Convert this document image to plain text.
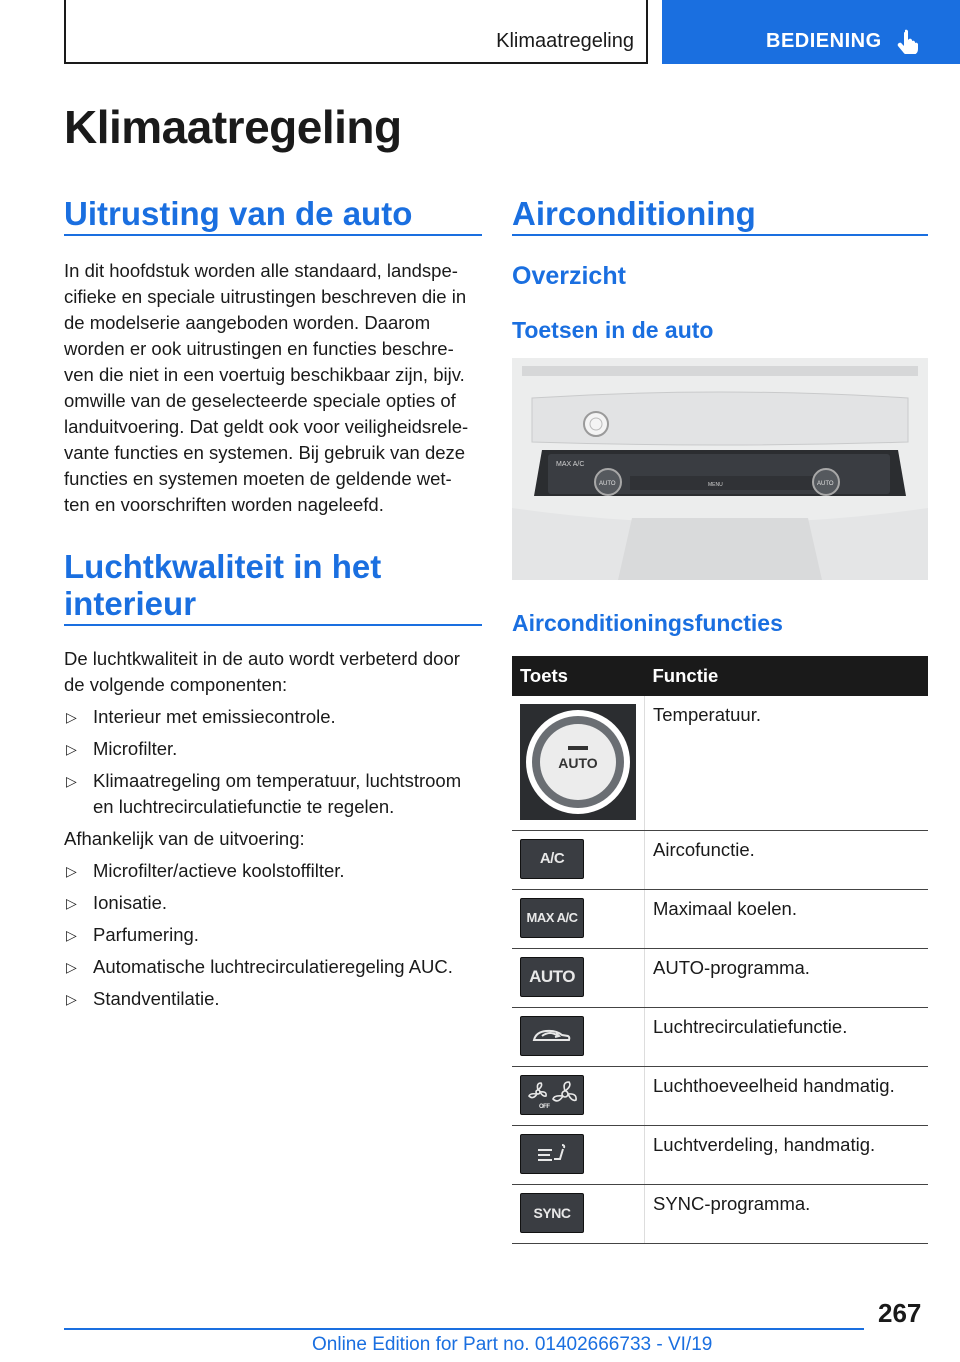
Klimaatregeling	BEDIENING
Klimaatregeling
Uitrusting van de auto
In dit hoofdstuk worden alle standaard, landspe-
cifieke en speciale uitrustingen beschreven die in
de modelserie aangeboden worden. Daarom
worden er ook uitrustingen en functies beschre-
ven die niet in een voertuig beschikbaar zijn, bijv.
omwille van de geselecteerde speciale opties of
landuitvoering. Dat geldt ook voor veiligheidsrele-
vante functies en systemen. Bij gebruik van deze
functies en systemen moeten de geldende wet-
ten en voorschriften worden nageleefd.
Luchtkwaliteit in het
interieur
De luchtkwaliteit in de auto wordt verbeterd door
de volgende componenten:
▷ Interieur met emissiecontrole.
▷ Microfilter.
▷ Klimaatregeling om temperatuur, luchtstroom
en luchtrecirculatiefunctie te regelen.
Afhankelijk van de uitvoering:
▷ Microfilter/actieve koolstoffilter.
▷ Ionisatie.
▷ Parfumering.
▷ Automatische luchtrecirculatieregeling AUC.
▷ Standventilatie.
Airconditioning
Overzicht
Toetsen in de auto
MAX A/C
AUTO	MENU	AUTO
Airconditioningsfuncties
Toets	Functie

AUTO	Temperatuur.

A/C	Aircofunctie.

MAX A/C	Maximaal koelen.

AUTO	AUTO-programma.

	Luchtrecirculatiefunctie.

OFF	Luchthoeveelheid handmatig.

	Luchtverdeling, handmatig.

SYNC	SYNC-programma.
267
Online Edition for Part no. 01402666733 - VI/19
